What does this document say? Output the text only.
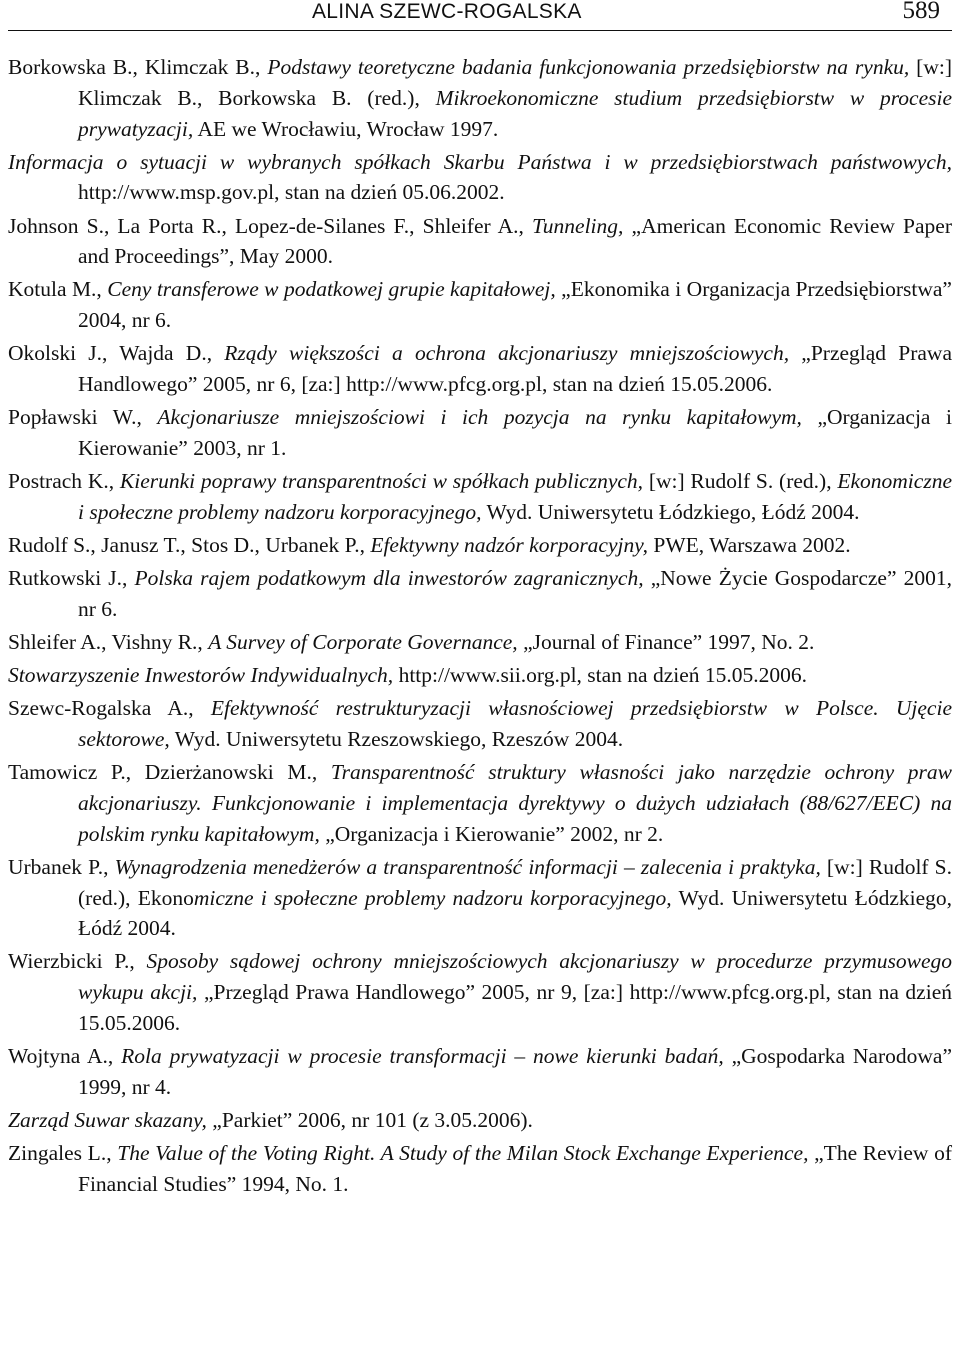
ALINA SZEWC-ROGALSKA	589

Borkowska B., Klimczak B., Podstawy teoretyczne badania funkcjonowania przedsiębiorstw na rynku, [w:] Klimczak B., Borkowska B. (red.), Mikroekonomiczne studium przedsiębiorstw w procesie prywatyzacji, AE we Wrocławiu, Wrocław 1997.

Informacja o sytuacji w wybranych spółkach Skarbu Państwa i w przedsiębiorstwach państwowych, http://www.msp.gov.pl, stan na dzień 05.06.2002.

Johnson S., La Porta R., Lopez-de-Silanes F., Shleifer A., Tunneling, „American Economic Review Paper and Proceedings”, May 2000.

Kotula M., Ceny transferowe w podatkowej grupie kapitałowej, „Ekonomika i Organizacja Przedsiębiorstwa” 2004, nr 6.

Okolski J., Wajda D., Rządy większości a ochrona akcjonariuszy mniejszościowych, „Przegląd Prawa Handlowego” 2005, nr 6, [za:] http://www.pfcg.org.pl, stan na dzień 15.05.2006.

Popławski W., Akcjonariusze mniejszościowi i ich pozycja na rynku kapitałowym, „Organizacja i Kierowanie” 2003, nr 1.

Postrach K., Kierunki poprawy transparentności w spółkach publicznych, [w:] Rudolf S. (red.), Ekonomiczne i społeczne problemy nadzoru korporacyjnego, Wyd. Uniwersytetu Łódzkiego, Łódź 2004.

Rudolf S., Janusz T., Stos D., Urbanek P., Efektywny nadzór korporacyjny, PWE, Warszawa 2002.

Rutkowski J., Polska rajem podatkowym dla inwestorów zagranicznych, „Nowe Życie Gospodarcze” 2001, nr 6.

Shleifer A., Vishny R., A Survey of Corporate Governance, „Journal of Finance” 1997, No. 2.

Stowarzyszenie Inwestorów Indywidualnych, http://www.sii.org.pl, stan na dzień 15.05.2006.

Szewc-Rogalska A., Efektywność restrukturyzacji własnościowej przedsiębiorstw w Polsce. Ujęcie sektorowe, Wyd. Uniwersytetu Rzeszowskiego, Rzeszów 2004.

Tamowicz P., Dzierżanowski M., Transparentność struktury własności jako narzędzie ochrony praw akcjonariuszy. Funkcjonowanie i implementacja dyrektywy o dużych udziałach (88/627/EEC) na polskim rynku kapitałowym, „Organizacja i Kierowanie” 2002, nr 2.

Urbanek P., Wynagrodzenia menedżerów a transparentność informacji – zalecenia i praktyka, [w:] Rudolf S. (red.), Ekonomiczne i społeczne problemy nadzoru korporacyjnego, Wyd. Uniwersytetu Łódzkiego, Łódź 2004.

Wierzbicki P., Sposoby sądowej ochrony mniejszościowych akcjonariuszy w procedurze przymusowego wykupu akcji, „Przegląd Prawa Handlowego” 2005, nr 9, [za:] http://www.pfcg.org.pl, stan na dzień 15.05.2006.

Wojtyna A., Rola prywatyzacji w procesie transformacji – nowe kierunki badań, „Gospodarka Narodowa” 1999, nr 4.

Zarząd Suwar skazany, „Parkiet” 2006, nr 101 (z 3.05.2006).

Zingales L., The Value of the Voting Right. A Study of the Milan Stock Exchange Experience, „The Review of Financial Studies” 1994, No. 1.
